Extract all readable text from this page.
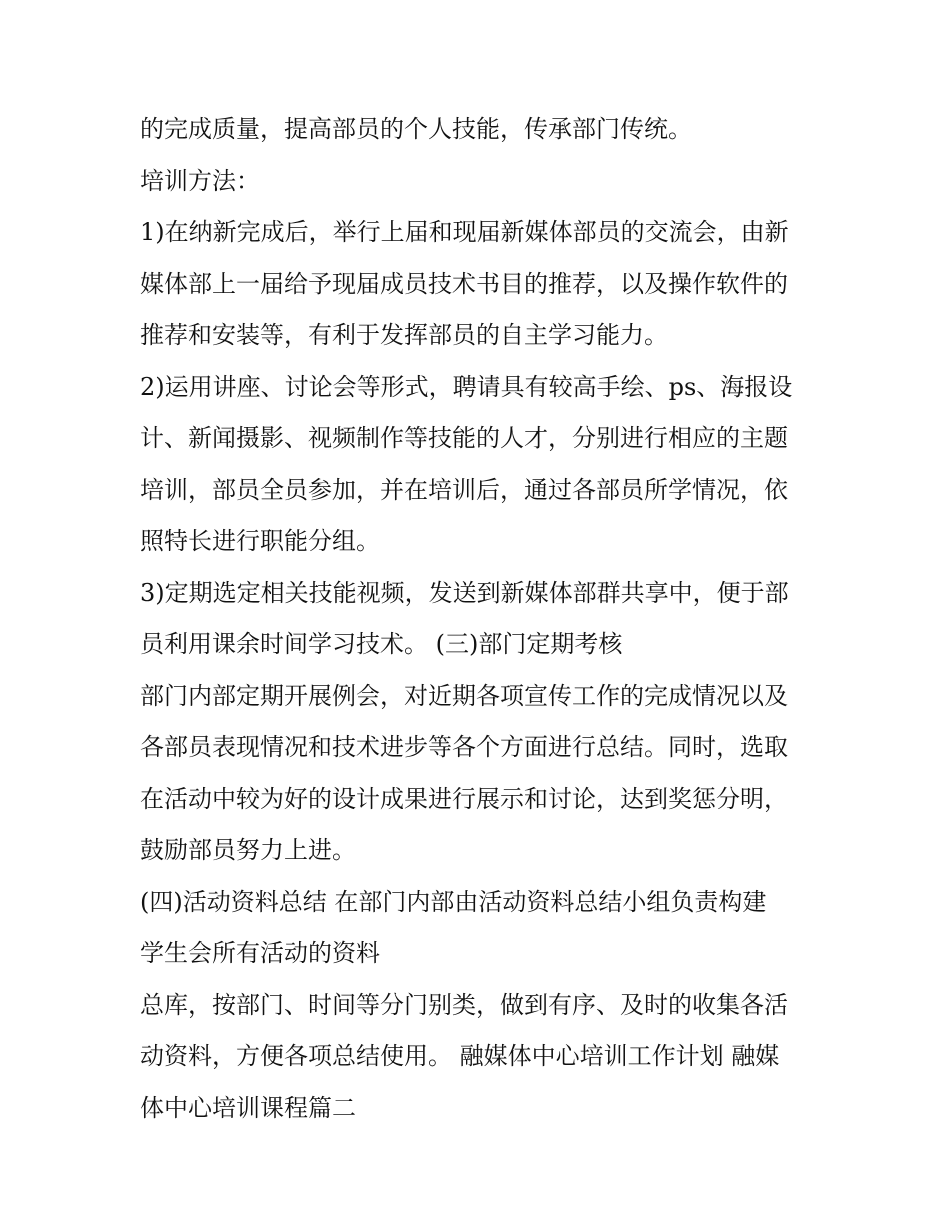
的完成质量，提高部员的个人技能，传承部门传统。
培训方法：
1)在纳新完成后，举行上届和现届新媒体部员的交流会，由新
媒体部上一届给予现届成员技术书目的推荐，以及操作软件的
推荐和安装等，有利于发挥部员的自主学习能力。
2)运用讲座、讨论会等形式，聘请具有较高手绘、ps、海报设
计、新闻摄影、视频制作等技能的人才，分别进行相应的主题
培训，部员全员参加，并在培训后，通过各部员所学情况，依
照特长进行职能分组。
3)定期选定相关技能视频，发送到新媒体部群共享中，便于部
员利用课余时间学习技术。 (三)部门定期考核
部门内部定期开展例会，对近期各项宣传工作的完成情况以及
各部员表现情况和技术进步等各个方面进行总结。同时，选取
在活动中较为好的设计成果进行展示和讨论，达到奖惩分明，
鼓励部员努力上进。
(四)活动资料总结 在部门内部由活动资料总结小组负责构建
学生会所有活动的资料
总库，按部门、时间等分门别类，做到有序、及时的收集各活
动资料，方便各项总结使用。 融媒体中心培训工作计划 融媒
体中心培训课程篇二
